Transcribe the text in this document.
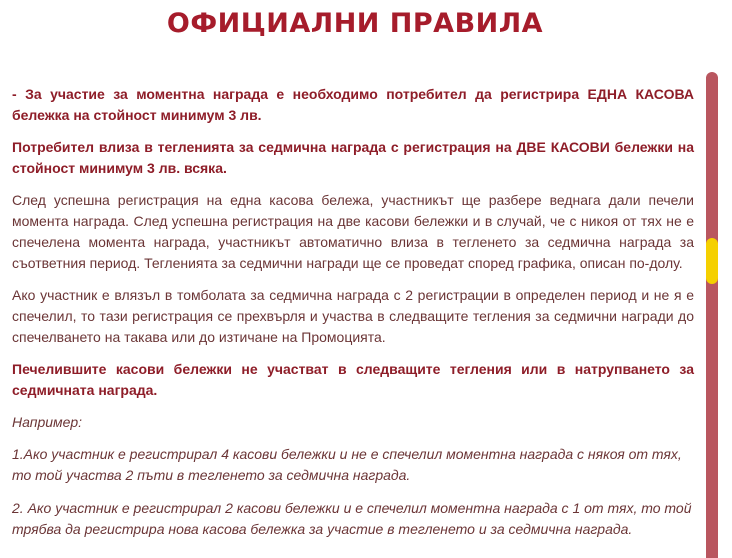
ОФИЦИАЛНИ ПРАВИЛА

- За участие за моментна награда е необходимо потребител да регистрира ЕДНА КАСОВА бележка на стойност минимум 3 лв.

Потребител влиза в тегленията за седмична награда с регистрация на ДВЕ КАСОВИ бележки на стойност минимум 3 лв. всяка.

След успешна регистрация на една касова бележа, участникът ще разбере веднага дали печели момента награда. След успешна регистрация на две касови бележки и в случай, че с никоя от тях не е спечелена момента награда, участникът автоматично влиза в тегленето за седмична награда за съответния период. Тегленията за седмични награди ще се проведат според графика, описан по-долу.

Ако участник е влязъл в томболата за седмична награда с 2 регистрации в определен период и не я е спечелил, то тази регистрация се прехвърля и участва в следващите тегления за седмични награди до спечелването на такава или до изтичане на Промоцията.

Печелившите касови бележки не участват в следващите тегления или в натрупването за седмичната награда.

Например:

1.Ако участник е регистрирал 4 касови бележки и не е спечелил моментна награда с някоя от тях, то той участва 2 пъти в тегленето за седмична награда.

2. Ако участник е регистрирал 2 касови бележки и е спечелил моментна награда с 1 от тях, то той трябва да регистрира нова касова бележка за участие в тегленето и за седмична награда.
